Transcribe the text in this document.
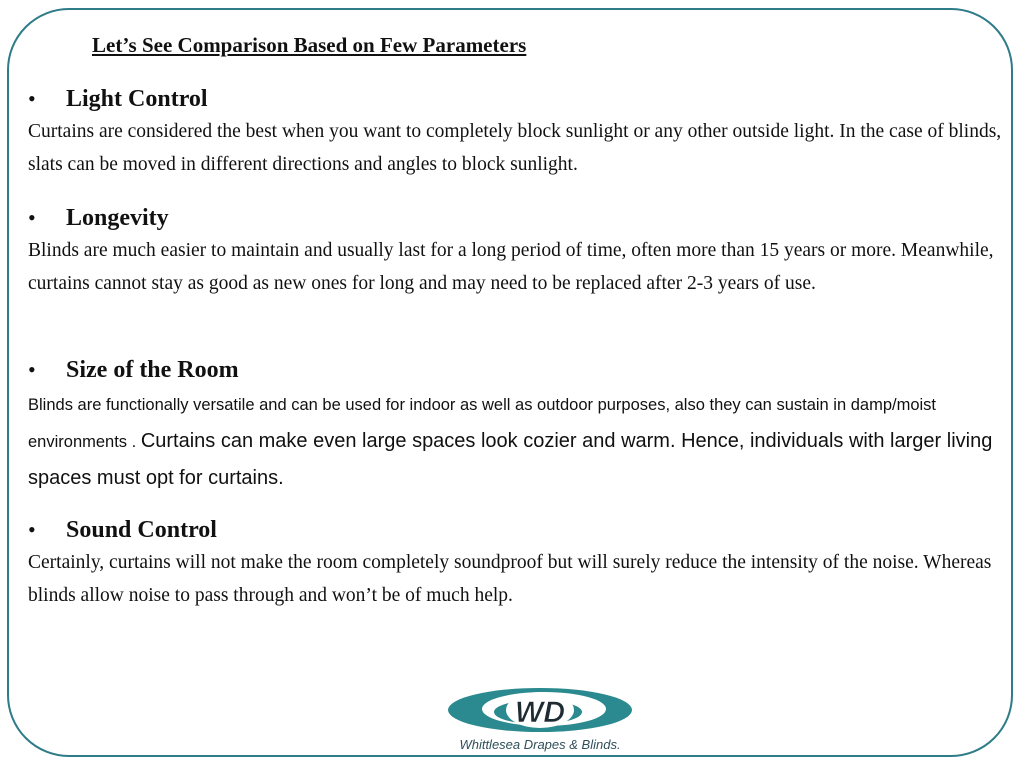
Let’s See Comparison Based on Few Parameters
•	Light Control

Curtains are considered the best when you want to completely block sunlight or any other outside light. In the case of blinds, slats can be moved in different directions and angles to block sunlight.

•	Longevity

Blinds are much easier to maintain and usually last for a long period of time, often more than 15 years or more. Meanwhile, curtains cannot stay as good as new ones for long and may need to be replaced after 2-3 years of use.

•	Size of the Room

Blinds are functionally versatile and can be used for indoor as well as outdoor purposes, also they can sustain in damp/moist environments . Curtains can make even large spaces look cozier and warm. Hence, individuals with larger living spaces must opt for curtains.

•	Sound Control

Certainly, curtains will not make the room completely soundproof but will surely reduce the intensity of the noise. Whereas blinds allow noise to pass through and won’t be of much help.

WD
Whittlesea Drapes & Blinds.
